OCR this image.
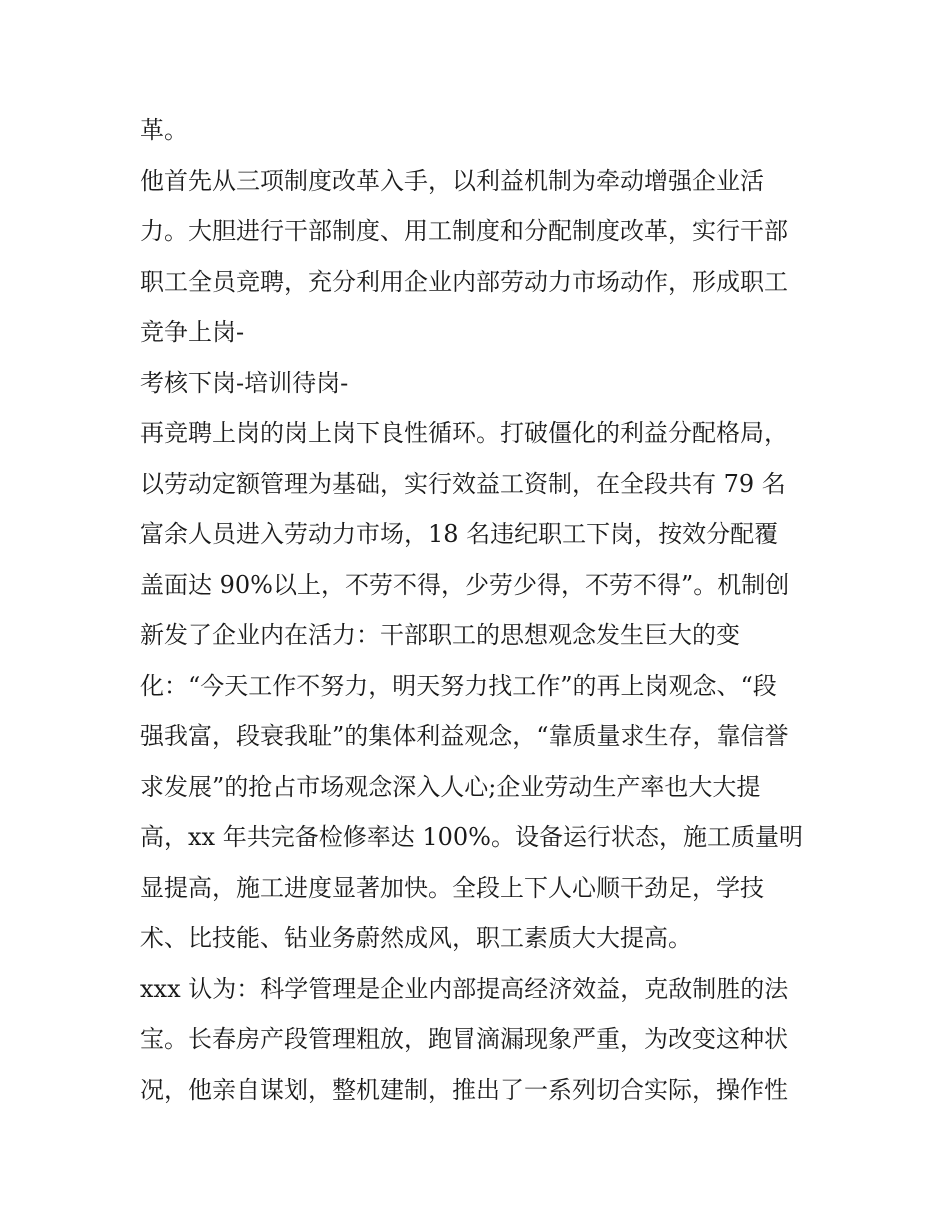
革。
他首先从三项制度改革入手，以利益机制为牵动增强企业活
力。大胆进行干部制度、用工制度和分配制度改革，实行干部
职工全员竞聘，充分利用企业内部劳动力市场动作，形成职工
竞争上岗-
考核下岗-培训待岗-
再竞聘上岗的岗上岗下良性循环。打破僵化的利益分配格局，
以劳动定额管理为基础，实行效益工资制，在全段共有 79 名
富余人员进入劳动力市场，18 名违纪职工下岗，按效分配覆
盖面达 90%以上，不劳不得，少劳少得，不劳不得”。机制创
新发了企业内在活力：干部职工的思想观念发生巨大的变
化：“今天工作不努力，明天努力找工作”的再上岗观念、“段
强我富，段衰我耻”的集体利益观念，“靠质量求生存，靠信誉
求发展”的抢占市场观念深入人心;企业劳动生产率也大大提
高，xx 年共完备检修率达 100%。设备运行状态，施工质量明
显提高，施工进度显著加快。全段上下人心顺干劲足，学技
术、比技能、钻业务蔚然成风，职工素质大大提高。
xxx 认为：科学管理是企业内部提高经济效益，克敌制胜的法
宝。长春房产段管理粗放，跑冒滴漏现象严重，为改变这种状
况，他亲自谋划，整机建制，推出了一系列切合实际，操作性
